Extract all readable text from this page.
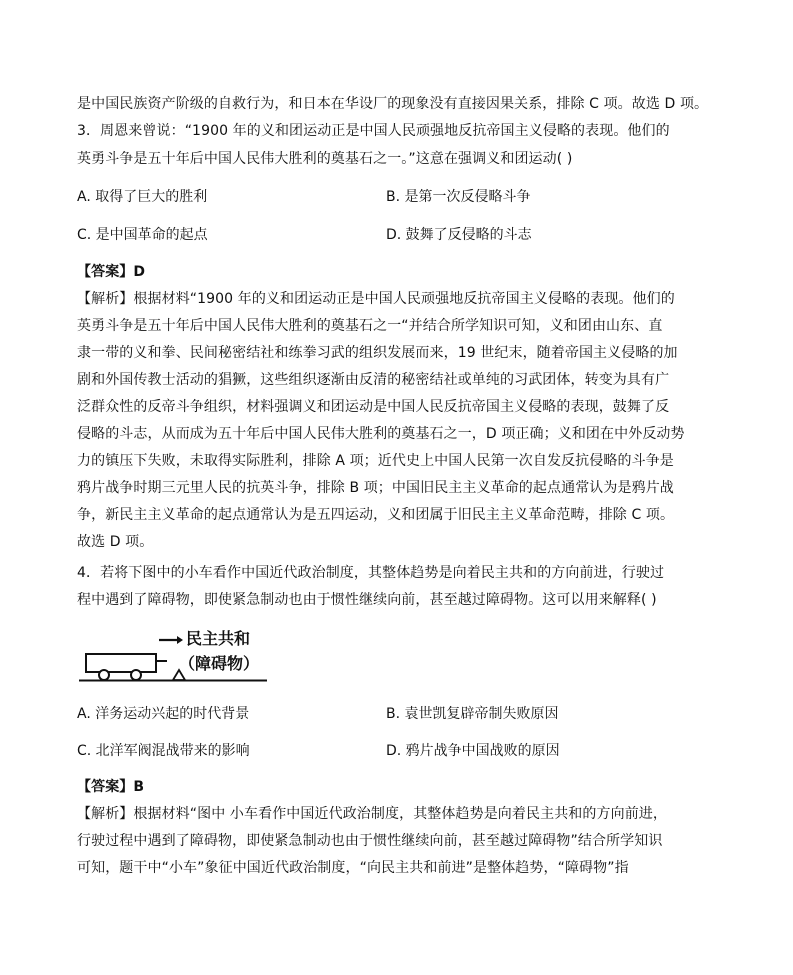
是中国民族资产阶级的自救行为，和日本在华设厂的现象没有直接因果关系，排除 C 项。故选 D 项。
3．周恩来曾说：“1900 年的义和团运动正是中国人民顽强地反抗帝国主义侵略的表现。他们的
英勇斗争是五十年后中国人民伟大胜利的奠基石之一。”这意在强调义和团运动( )
A. 取得了巨大的胜利	B. 是第一次反侵略斗争
C. 是中国革命的起点	D. 鼓舞了反侵略的斗志
【答案】D
【解析】根据材料“1900 年的义和团运动正是中国人民顽强地反抗帝国主义侵略的表现。他们的
英勇斗争是五十年后中国人民伟大胜利的奠基石之一“并结合所学知识可知，义和团由山东、直
隶一带的义和拳、民间秘密结社和练拳习武的组织发展而来，19 世纪末，随着帝国主义侵略的加
剧和外国传教士活动的猖獗，这些组织逐渐由反清的秘密结社或单纯的习武团体，转变为具有广
泛群众性的反帝斗争组织，材料强调义和团运动是中国人民反抗帝国主义侵略的表现，鼓舞了反
侵略的斗志，从而成为五十年后中国人民伟大胜利的奠基石之一，D 项正确；义和团在中外反动势
力的镇压下失败，未取得实际胜利，排除 A 项；近代史上中国人民第一次自发反抗侵略的斗争是
鸦片战争时期三元里人民的抗英斗争，排除 B 项；中国旧民主主义革命的起点通常认为是鸦片战
争，新民主主义革命的起点通常认为是五四运动，义和团属于旧民主主义革命范畴，排除 C 项。
故选 D 项。
4．若将下图中的小车看作中国近代政治制度，其整体趋势是向着民主共和的方向前进，行驶过
程中遇到了障碍物，即使紧急制动也由于惯性继续向前，甚至越过障碍物。这可以用来解释( )
民主共和
（障碍物）
A. 洋务运动兴起的时代背景	B. 袁世凯复辟帝制失败原因
C. 北洋军阀混战带来的影响	D. 鸦片战争中国战败的原因
【答案】B
【解析】根据材料“图中 小车看作中国近代政治制度，其整体趋势是向着民主共和的方向前进，
行驶过程中遇到了障碍物，即使紧急制动也由于惯性继续向前，甚至越过障碍物”结合所学知识
可知，题干中“小车”象征中国近代政治制度，“向民主共和前进”是整体趋势，“障碍物”指
